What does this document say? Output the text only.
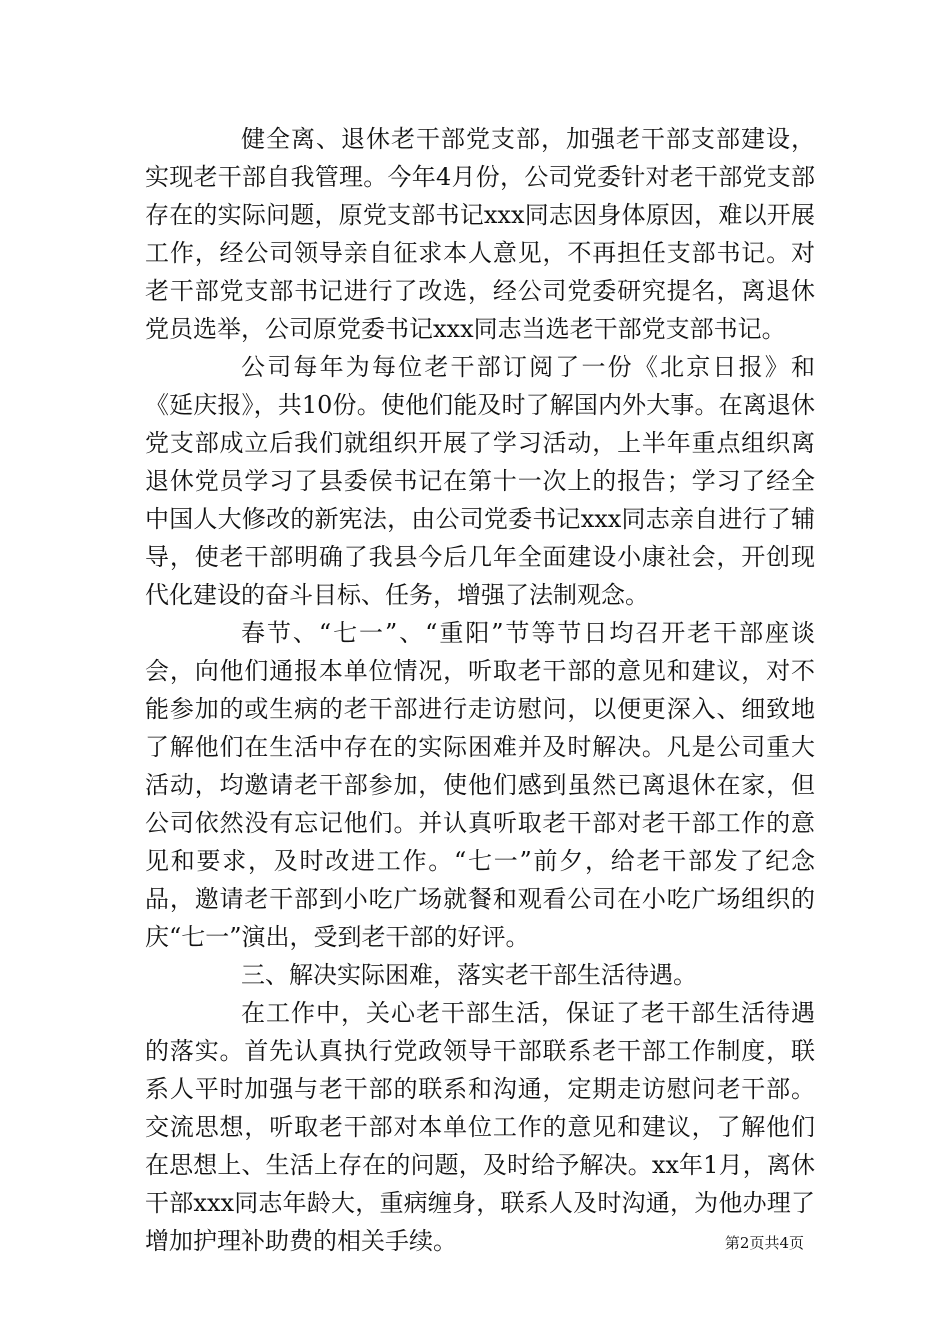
健全离、退休老干部党支部，加强老干部支部建设，实现老干部自我管理。今年4月份，公司党委针对老干部党支部存在的实际问题，原党支部书记xxx同志因身体原因，难以开展工作，经公司领导亲自征求本人意见，不再担任支部书记。对老干部党支部书记进行了改选，经公司党委研究提名，离退休党员选举，公司原党委书记xxx同志当选老干部党支部书记。

公司每年为每位老干部订阅了一份《北京日报》和《延庆报》，共10份。使他们能及时了解国内外大事。在离退休党支部成立后我们就组织开展了学习活动，上半年重点组织离退休党员学习了县委侯书记在第十一次上的报告；学习了经全中国人大修改的新宪法，由公司党委书记xxx同志亲自进行了辅导，使老干部明确了我县今后几年全面建设小康社会，开创现代化建设的奋斗目标、任务，增强了法制观念。

春节、“七一”、“重阳”节等节日均召开老干部座谈会，向他们通报本单位情况，听取老干部的意见和建议，对不能参加的或生病的老干部进行走访慰问，以便更深入、细致地了解他们在生活中存在的实际困难并及时解决。凡是公司重大活动，均邀请老干部参加，使他们感到虽然已离退休在家，但公司依然没有忘记他们。并认真听取老干部对老干部工作的意见和要求，及时改进工作。“七一”前夕，给老干部发了纪念品，邀请老干部到小吃广场就餐和观看公司在小吃广场组织的庆“七一”演出，受到老干部的好评。

三、解决实际困难，落实老干部生活待遇。

在工作中，关心老干部生活，保证了老干部生活待遇的落实。首先认真执行党政领导干部联系老干部工作制度，联系人平时加强与老干部的联系和沟通，定期走访慰问老干部。交流思想，听取老干部对本单位工作的意见和建议，了解他们在思想上、生活上存在的问题，及时给予解决。xx年1月，离休干部xxx同志年龄大，重病缠身，联系人及时沟通，为他办理了增加护理补助费的相关手续。	第2页共4页
